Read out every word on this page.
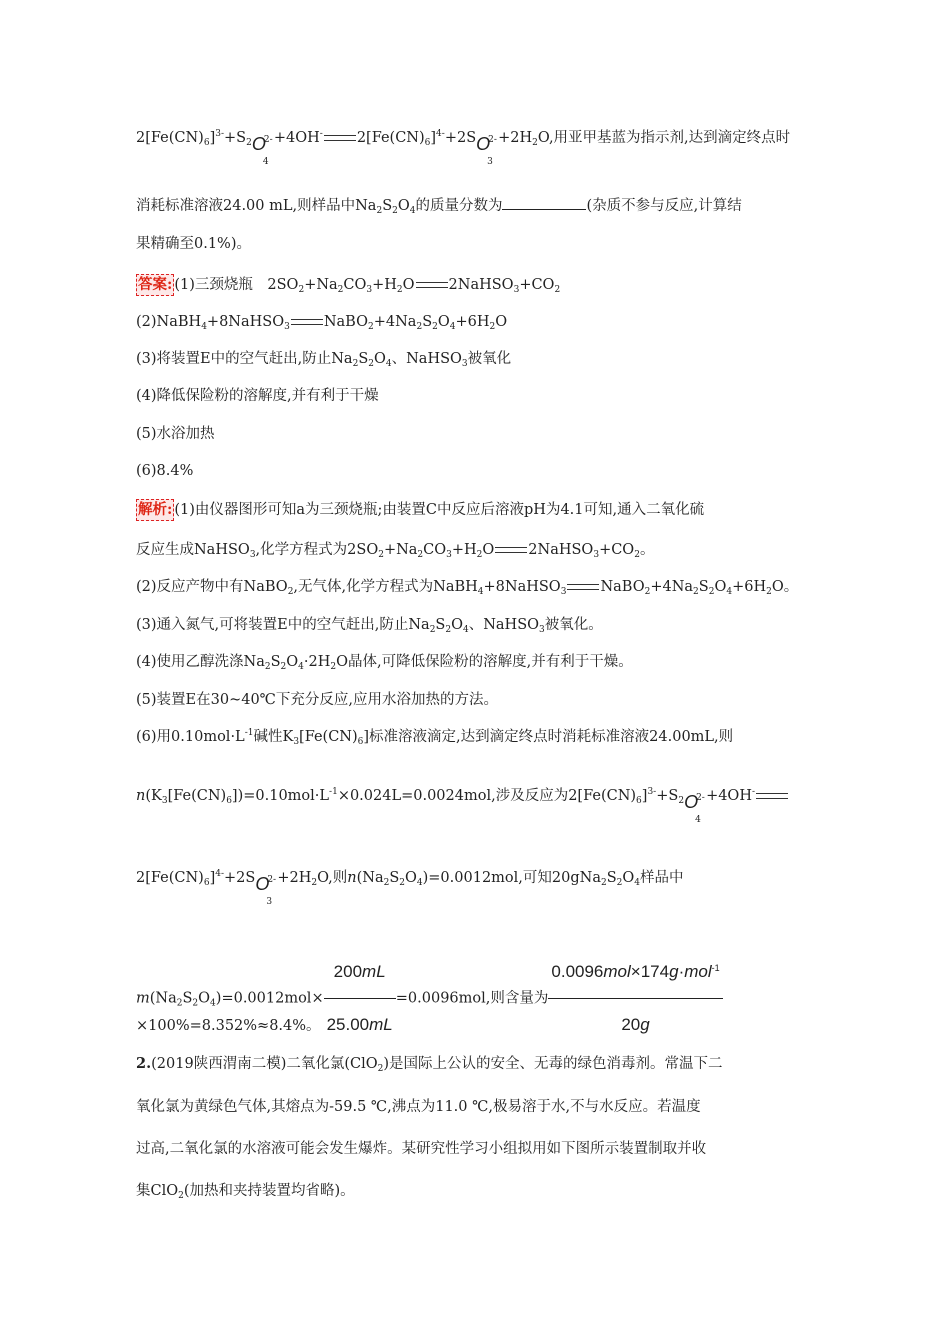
$2[Fe(CN)_6]^{3-}+S_2$ O
4
2- +4OH- $2[Fe(CN)_6]^{4-}+2S$ O
3
$2- +2H_2O$,用亚甲基蓝为指示剂,达到滴定终点时
消耗标准溶液24.00 mL,则样品中$Na_2S_2O_4$的质量分数为	(杂质不参与反应,计算结
果精确至0.1%)。
答案: (1)三颈烧瓶　$2SO_2+Na_2CO_3+H_2O$ $2NaHSO_3+CO_2$
(2)NaBH$_4$+8NaHSO$_3$ $NaBO_2+4Na_2S_2O_4+6H_2O$
(3)将装置E中的空气赶出,防止$Na_2S_2O_4$、NaHSO$_3$被氧化
(4)降低保险粉的溶解度,并有利于干燥
(5)水浴加热
(6)8.4%
解析: (1)由仪器图形可知a为三颈烧瓶;由装置C中反应后溶液pH为4.1可知,通入二氧化硫
反应生成NaHSO$_3$,化学方程式为$2SO_2+Na_2CO_3+H_2O$ $2NaHSO_3+CO_2$。
(2)反应产物中有NaBO$_2$,无气体,化学方程式为NaBH$_4$+8NaHSO$_3$ $NaBO_2+4Na_2S_2O_4+6H_2O$。
(3)通入氮气,可将装置E中的空气赶出,防止$Na_2S_2O_4$、NaHSO$_3$被氧化。
(4)使用乙醇洗涤$Na_2S_2O_4\cdot 2H_2O$晶体,可降低保险粉的溶解度,并有利于干燥。
(5)装置E在30~40℃下充分反应,应用水浴加热的方法。
(6)用$0.10mol\cdot L^{-1}$碱性$K_3[Fe(CN)_6]$标准溶液滴定,达到滴定终点时消耗标准溶液24.00mL,则
$n(K_3[Fe(CN)_6])=0.10mol\cdot L^{-1}\times 0.024L=0.0024mol$,涉及反应为$2[Fe(CN)_6]^{3-}+S_2$ O
4
2- +4OH-
$2[Fe(CN)_6]^{4-}+2S$ O
3
$2- +2H_2O$,则$n(Na_2S_2O_4)=0.0012mol$,可知$20gNa_2S_2O_4$样品中
$m(Na_2S_2O_4)=0.0012mol\times \frac{200mL}{25.00mL} =0.0096mol$,则含量为 $\frac{0.0096mol\times 174g\cdot mol^{-1}}{20g}$
×100%=8.352%≈8.4%。
2.(2019陕西渭南二模)二氧化氯(ClO$_2$)是国际上公认的安全、无毒的绿色消毒剂。常温下二
氧化氯为黄绿色气体,其熔点为-59.5 ℃,沸点为11.0 ℃,极易溶于水,不与水反应。若温度
过高,二氧化氯的水溶液可能会发生爆炸。某研究性学习小组拟用如下图所示装置制取并收
集ClO$_2$(加热和夹持装置均省略)。
